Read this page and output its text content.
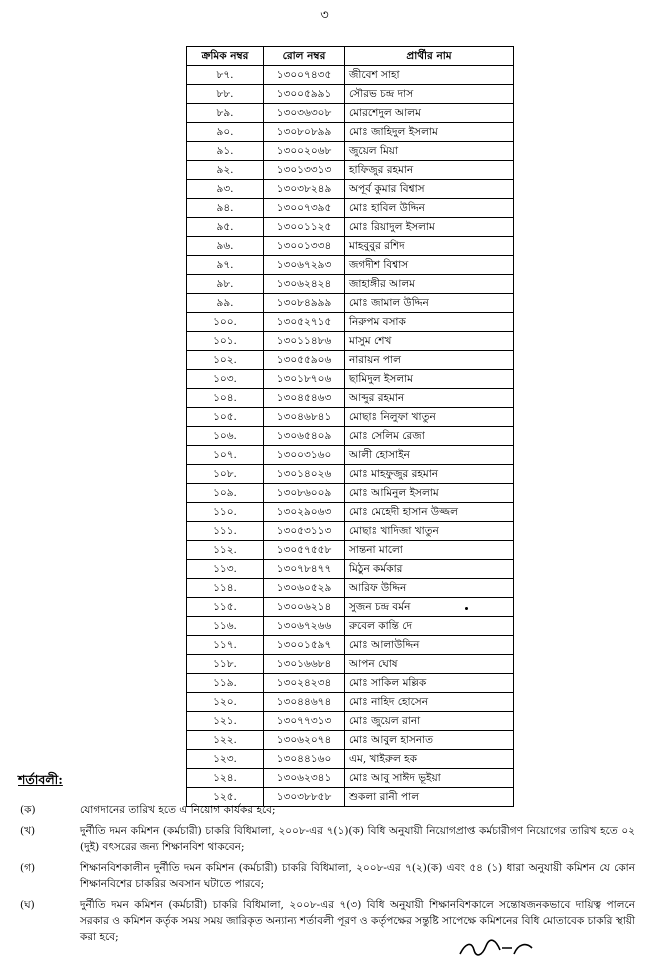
৩
ক্রমিক নম্বর	রোল নম্বর	প্রার্থীর নাম
৮৭.	১৩০০৭৪৩৫	জীবেশ সাহা
৮৮.	১৩০০৫৯৯১	সৌরভ চন্দ্র দাস
৮৯.	১৩০৩৬৩০৮	মোরশেদুল আলম
৯০.	১৩০৮০৮৯৯	মোঃ জাহিদুল ইসলাম
৯১.	১৩০০২০৬৮	জুয়েল মিয়া
৯২.	১৩০১৩৩১৩	হাফিজুর রহমান
৯৩.	১৩০৩৮২৪৯	অপূর্ব কুমার বিশ্বাস
৯৪.	১৩০০৭৩৯৫	মোঃ হাবিল উদ্দিন
৯৫.	১৩০০১১২৫	মোঃ রিয়াদুল ইসলাম
৯৬.	১৩০০১৩৩৪	মাহবুবুর রশিদ
৯৭.	১৩০৬৭২৯৩	জগদীশ বিশ্বাস
৯৮.	১৩০৬২৪২৪	জাহাঙ্গীর আলম
৯৯.	১৩০৮৪৯৯৯	মোঃ জামাল উদ্দিন
১০০.	১৩০৫২৭১৫	নিরুপম বসাক
১০১.	১৩০১১৪৮৬	মাসুম শেখ
১০২.	১৩০৫৫৯০৬	নারায়ন পাল
১০৩.	১৩০১৮৭০৬	ছামিদুল ইসলাম
১০৪.	১৩০৪৫৪৬৩	আব্দুর রহমান
১০৫.	১৩০৪৬৮৪১	মোছাঃ নিলুফা খাতুন
১০৬.	১৩০৬৫৪০৯	মোঃ সেলিম রেজা
১০৭.	১৩০০৩১৬০	আলী হোসাইন
১০৮.	১৩০১৪০২৬	মোঃ মাহফুজুর রহমান
১০৯.	১৩০৮৬০০৯	মোঃ আমিনুল ইসলাম
১১০.	১৩০২৯০৬৩	মোঃ মেহেদী হাসান উজ্জল
১১১.	১৩০৫৩১১৩	মোছাঃ খাদিজা খাতুন
১১২.	১৩০৫৭৫৫৮	সান্তনা মালো
১১৩.	১৩০৭৮৪৭৭	মিঠুন কর্মকার
১১৪.	১৩০৬০৫২৯	আরিফ উদ্দিন
১১৫.	১৩০০৬২১৪	সুজন চন্দ্র বর্মন
১১৬.	১৩০৬৭২৬৬	রুবেল কান্তি দে
১১৭.	১৩০০১৫৯৭	মোঃ আলাউদ্দিন
১১৮.	১৩০১৬৬৮৪	আপন ঘোষ
১১৯.	১৩০২৪২৩৪	মোঃ সাকিল মল্লিক
১২০.	১৩০৪৪৬৭৪	মোঃ নাহিদ হোসেন
১২১.	১৩০৭৭৩১৩	মোঃ জুয়েল রানা
১২২.	১৩০৬২০৭৪	মোঃ আবুল হাসনাত
১২৩.	১৩০৪৪১৬০	এম, খাইরুল হক
১২৪.	১৩০৬২৩৪১	মোঃ আবু সাঈদ ভূইয়া
১২৫.	১৩০৩৮৮৫৮	শুকলা রানী পাল
শর্তাবলী:
(ক)	যোগদানের তারিখ হতে এ নিয়োগ কার্যকর হবে;
(খ)	দুর্নীতি দমন কমিশন (কর্মচারী) চাকরি বিধিমালা, ২০০৮-এর ৭(১)(ক) বিধি অনুযায়ী নিয়োগপ্রাপ্ত কর্মচারীগণ নিয়োগের তারিখ হতে ০২ (দুই) বৎসরের জন্য শিক্ষানবিশ থাকবেন;
(গ)	শিক্ষানবিশকালীন দুর্নীতি দমন কমিশন (কর্মচারী) চাকরি বিধিমালা, ২০০৮-এর ৭(২)(ক) এবং ৫৪ (১) ধারা অনুযায়ী কমিশন যে কোন শিক্ষানবিশের চাকরির অবসান ঘটাতে পারবে;
(ঘ)	দুর্নীতি দমন কমিশন (কর্মচারী) চাকরি বিধিমালা, ২০০৮-এর ৭(৩) বিধি অনুযায়ী শিক্ষানবিশকালে সন্তোষজনকভাবে দায়িত্ব পালনে সরকার ও কমিশন কর্তৃক সময় সময় জারিকৃত অন্যান্য শর্তাবলী পূরণ ও কর্তৃপক্ষের সন্তুষ্টি সাপেক্ষে কমিশনের বিধি মোতাবেক চাকরি স্থায়ী করা হবে;
